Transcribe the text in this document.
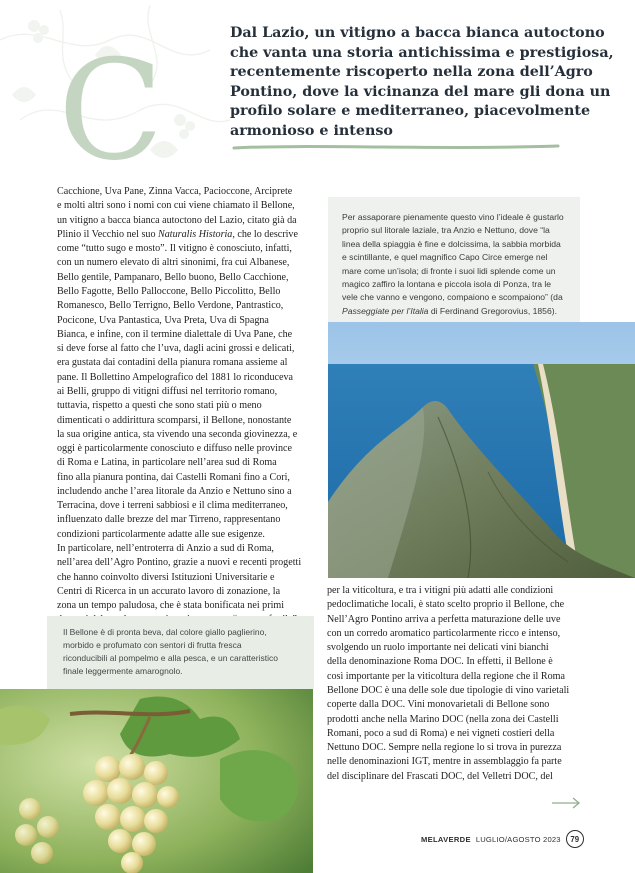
C	Dal Lazio, un vitigno a bacca bianca autoctono
che vanta una storia antichissima e prestigiosa,
recentemente riscoperto nella zona dell’Agro
Pontino, dove la vicinanza del mare gli dona un
profilo solare e mediterraneo, piacevolmente
armonioso e intenso
Cacchione, Uva Pane, Zinna Vacca, Pacioccone, Arciprete
e molti altri sono i nomi con cui viene chiamato il Bellone,
un vitigno a bacca bianca autoctono del Lazio, citato già da
Plinio il Vecchio nel suo Naturalis Historia, che lo descrive
come “tutto sugo e mosto”. Il vitigno è conosciuto, infatti,
con un numero elevato di altri sinonimi, fra cui Albanese,
Bello gentile, Pampanaro, Bello buono, Bello Cacchione,
Bello Fagotte, Bello Palloccone, Bello Piccolitto, Bello
Romanesco, Bello Terrigno, Bello Verdone, Pantrastico,
Pocicone, Uva Pantastica, Uva Preta, Uva di Spagna
Bianca, e infine, con il termine dialettale di Uva Pane, che
si deve forse al fatto che l’uva, dagli acini grossi e delicati,
era gustata dai contadini della pianura romana assieme al
pane. Il Bollettino Ampelografico del 1881 lo riconduceva
ai Belli, gruppo di vitigni diffusi nel territorio romano,
tuttavia, rispetto a questi che sono stati più o meno
dimenticati o addirittura scomparsi, il Bellone, nonostante
la sua origine antica, sta vivendo una seconda giovinezza, e
oggi è particolarmente conosciuto e diffuso nelle province
di Roma e Latina, in particolare nell’area sud di Roma
fino alla pianura pontina, dai Castelli Romani fino a Cori,
includendo anche l’area litorale da Anzio e Nettuno sino a
Terracina, dove i terreni sabbiosi e il clima mediterraneo,
influenzato dalle brezze del mar Tirreno, rappresentano
condizioni particolarmente adatte alle sue esigenze.
In particolare, nell’entroterra di Anzio a sud di Roma,
nell’area dell’Agro Pontino, grazie a nuovi e recenti progetti
che hanno coinvolto diversi Istituzioni Universitarie e
Centri di Ricerca in un accurato lavoro di zonazione, la
zona un tempo paludosa, che è stata bonificata nei primi

Per assaporare pienamente questo vino l’ideale è gustarlo
proprio sul litorale laziale, tra Anzio e Nettuno, dove “la
linea della spiaggia è fine e dolcissima, la sabbia morbida
e scintillante, e quel magnifico Capo Circe emerge nel
mare come un’isola; di fronte i suoi lidi splende come un
magico zaffiro la lontana e piccola isola di Ponza, tra le
vele che vanno e vengono, compaiono e scompaiono” (da
Passeggiate per l’Italia di Ferdinand Gregorovius, 1856).
per la viticoltura, e tra i vitigni più adatti alle condizioni
pedoclimatiche locali, è stato scelto proprio il Bellone, che
Nell’Agro Pontino arriva a perfetta maturazione delle uve
con un corredo aromatico particolarmente ricco e intenso,
svolgendo un ruolo importante nei delicati vini bianchi
della denominazione Roma DOC. In effetti, il Bellone è
così importante per la viticoltura della regione che il Roma
Bellone DOC è una delle sole due tipologie di vino varietali
coperte dalla DOC. Vini monovarietali di Bellone sono
prodotti anche nella Marino DOC (nella zona dei Castelli
Romani, poco a sud di Roma) e nei vigneti costieri della
Nettuno DOC. Sempre nella regione lo si trova in purezza
nelle denominazioni IGT, mentre in assemblaggio fa parte
del disciplinare del Frascati DOC, del Velletri DOC, del
Il Bellone è di pronta beva, dal colore giallo paglierino,
morbido e profumato con sentori di frutta fresca
riconducibili al pompelmo e alla pesca, e un caratteristico
finale leggermente amarognolo.
MELAVERDE LUGLIO/AGOSTO 2023	79
